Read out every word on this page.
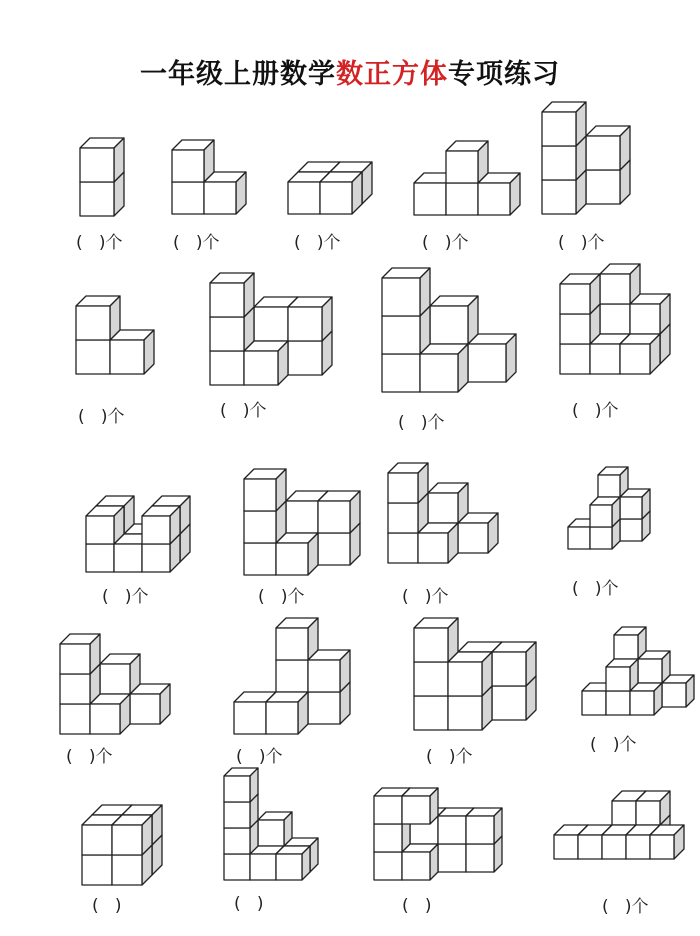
一年级上册数学数正方体专项练习
(   )个	(   )个	(   )个	(   )个	(   )个
(   )个	(   )个
(   )个
(   )个
(   )个	(   )个	(   )个	(   )个
(   )个	(   )个	(   )个
(   )个
(   )	(   )	(   )	(   )个
